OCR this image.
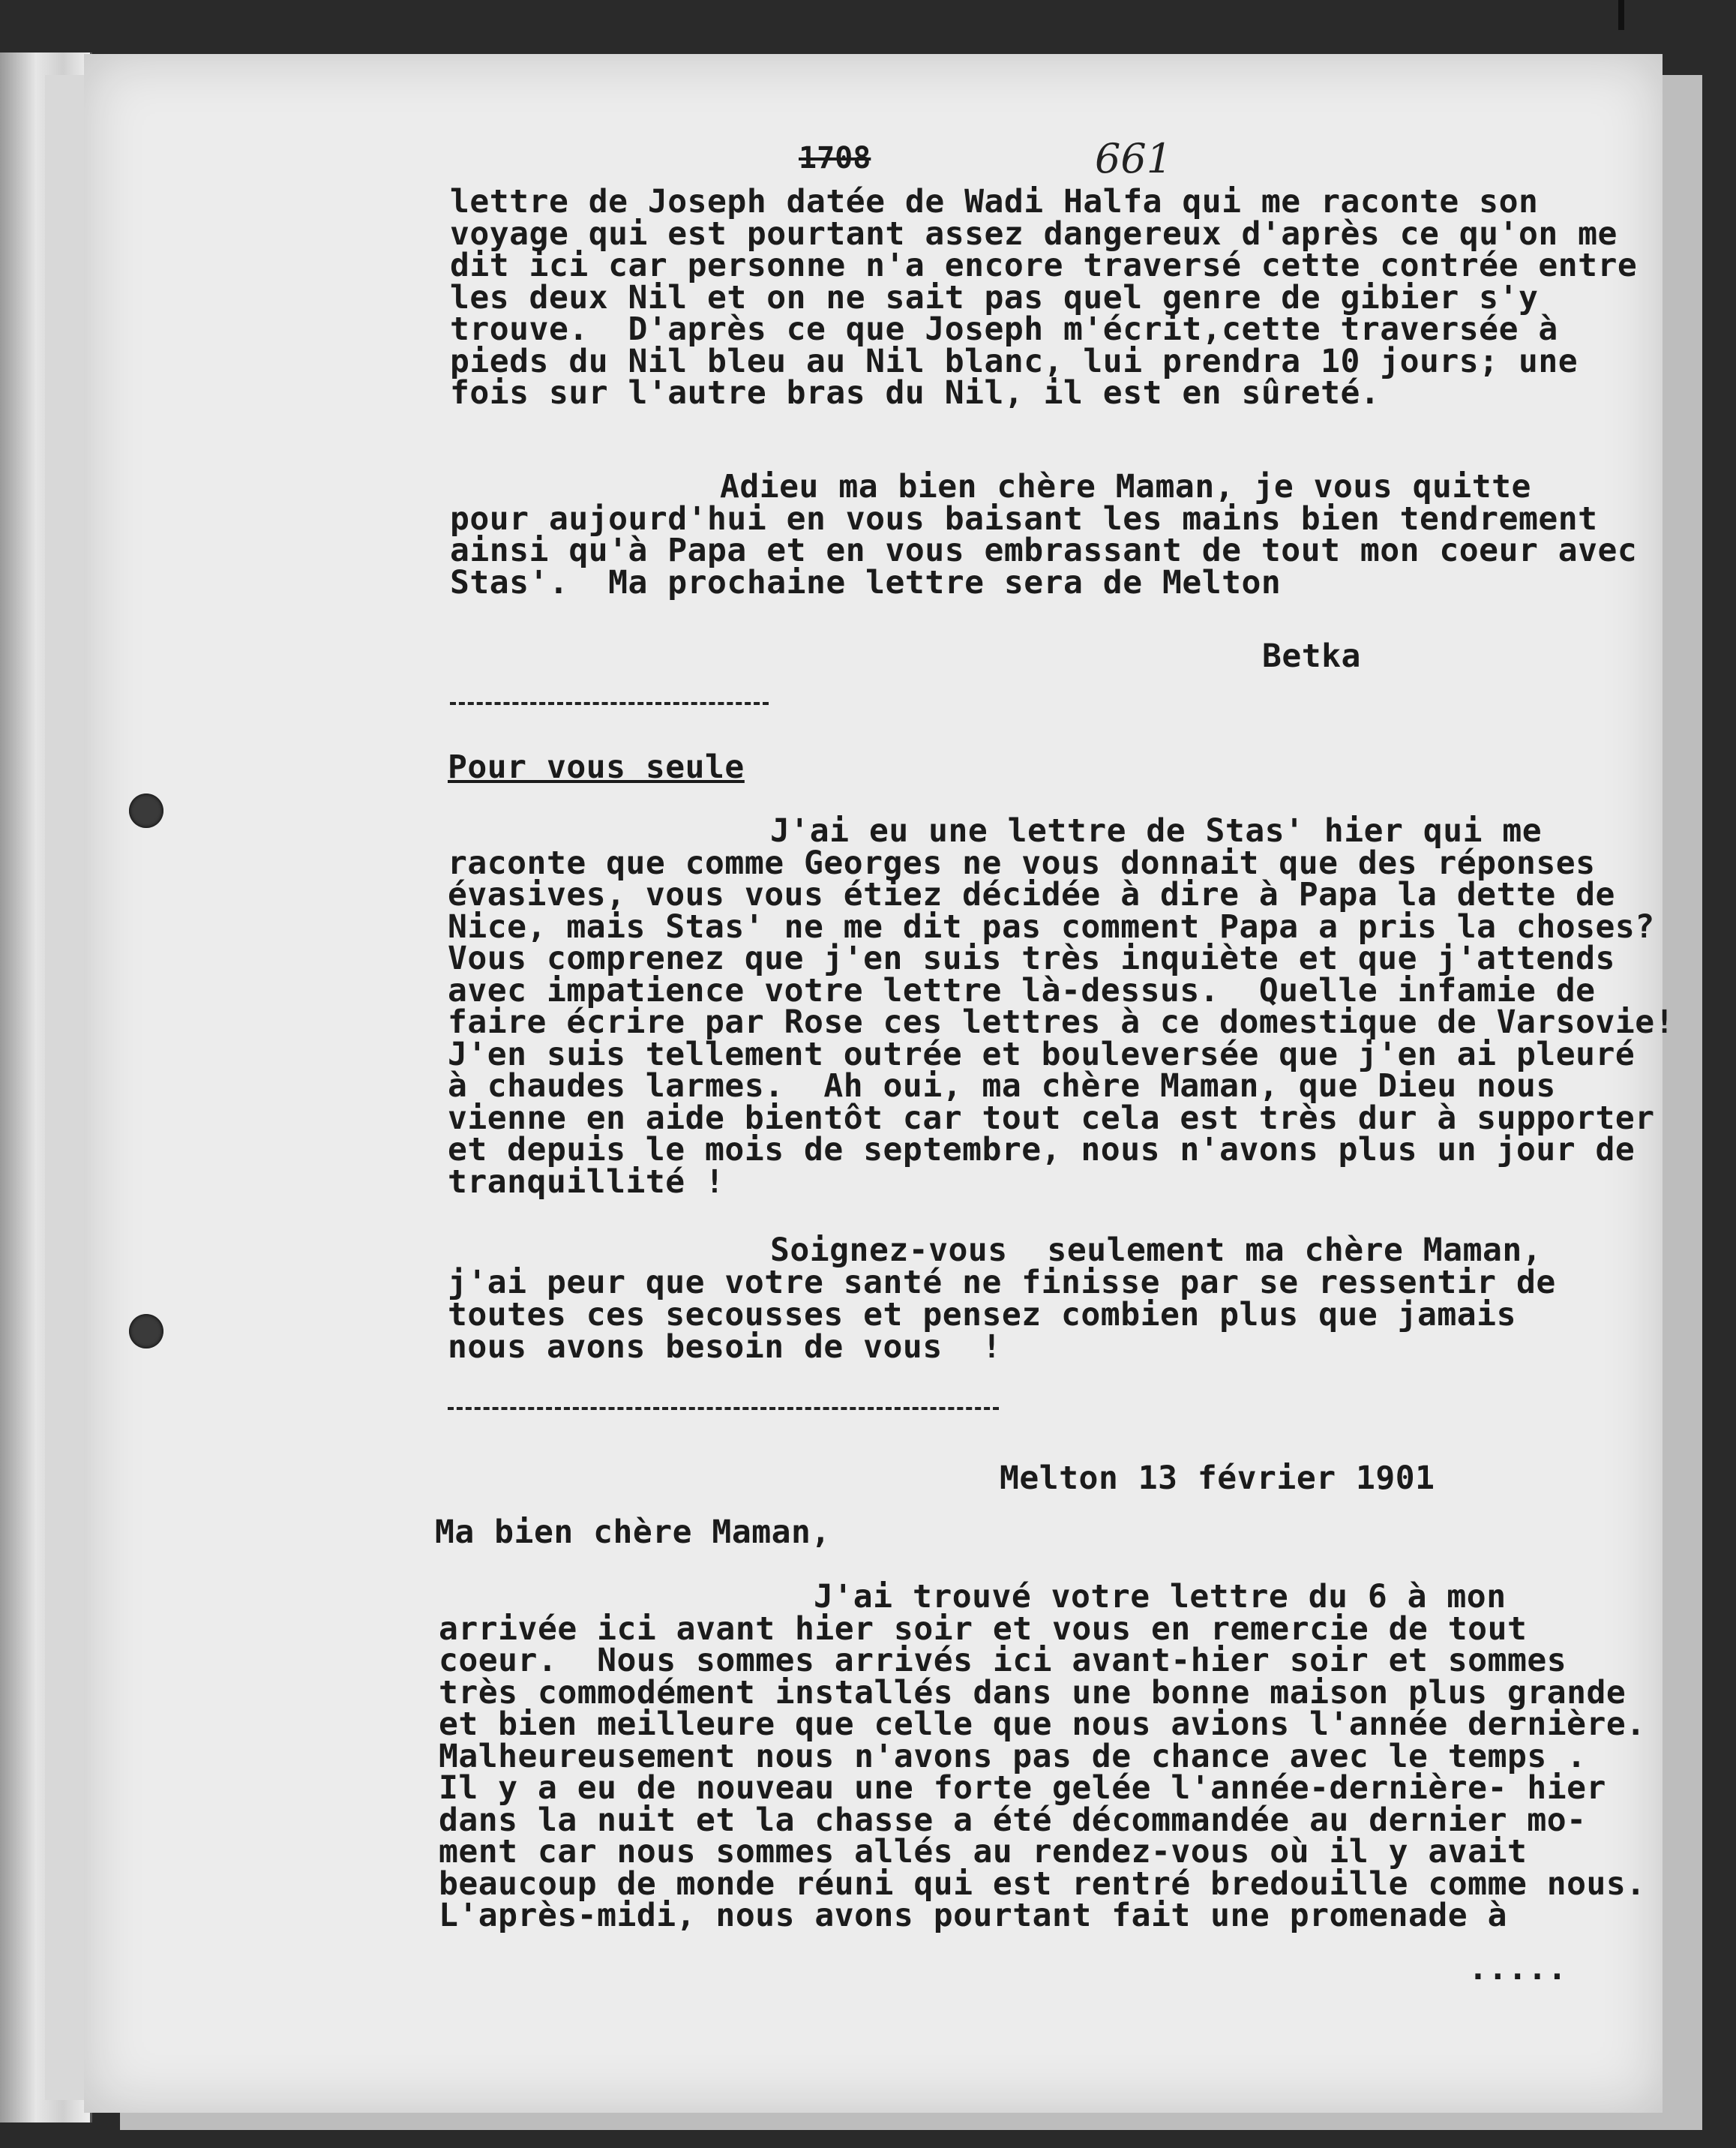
1708	661
lettre de Joseph datée de Wadi Halfa qui me raconte son
voyage qui est pourtant assez dangereux d'après ce qu'on me
dit ici car personne n'a encore traversé cette contrée entre
les deux Nil et on ne sait pas quel genre de gibier s'y
trouve.  D'après ce que Joseph m'écrit,cette traversée à
pieds du Nil bleu au Nil blanc, lui prendra 10 jours; une
fois sur l'autre bras du Nil, il est en sûreté.
Adieu ma bien chère Maman, je vous quitte
pour aujourd'hui en vous baisant les mains bien tendrement
ainsi qu'à Papa et en vous embrassant de tout mon coeur avec
Stas'.  Ma prochaine lettre sera de Melton
Betka
Pour vous seule
J'ai eu une lettre de Stas' hier qui me
raconte que comme Georges ne vous donnait que des réponses
évasives, vous vous étiez décidée à dire à Papa la dette de
Nice, mais Stas' ne me dit pas comment Papa a pris la choses?
Vous comprenez que j'en suis très inquiète et que j'attends
avec impatience votre lettre là-dessus.  Quelle infamie de
faire écrire par Rose ces lettres à ce domestique de Varsovie!
J'en suis tellement outrée et bouleversée que j'en ai pleuré
à chaudes larmes.  Ah oui, ma chère Maman, que Dieu nous
vienne en aide bientôt car tout cela est très dur à supporter
et depuis le mois de septembre, nous n'avons plus un jour de
tranquillité !
Soignez-vous  seulement ma chère Maman,
j'ai peur que votre santé ne finisse par se ressentir de
toutes ces secousses et pensez combien plus que jamais
nous avons besoin de vous  !
Melton 13 février 1901
Ma bien chère Maman,
J'ai trouvé votre lettre du 6 à mon
arrivée ici avant hier soir et vous en remercie de tout
coeur.  Nous sommes arrivés ici avant-hier soir et sommes
très commodément installés dans une bonne maison plus grande
et bien meilleure que celle que nous avions l'année dernière.
Malheureusement nous n'avons pas de chance avec le temps .
Il y a eu de nouveau une forte gelée l'année-dernière- hier
dans la nuit et la chasse a été décommandée au dernier mo-
ment car nous sommes allés au rendez-vous où il y avait
beaucoup de monde réuni qui est rentré bredouille comme nous.
L'après-midi, nous avons pourtant fait une promenade à
.....
